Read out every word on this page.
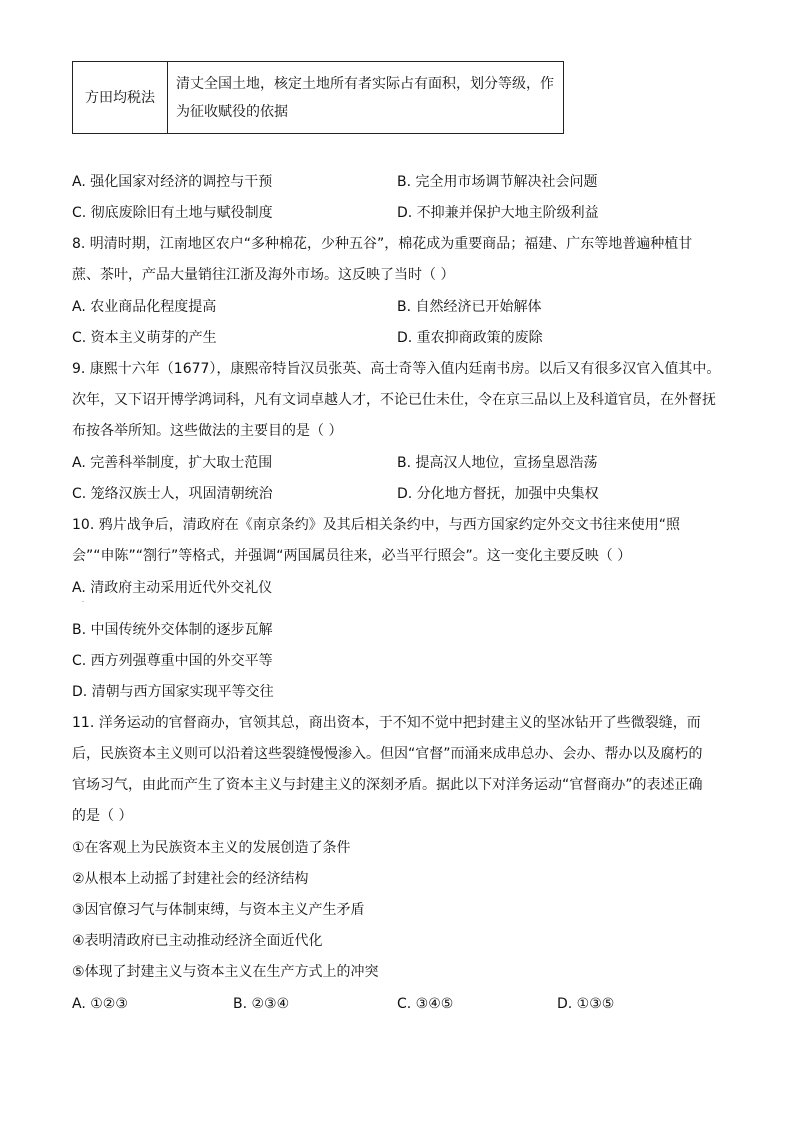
方田均税法	
清丈全国土地，核定土地所有者实际占有面积，划分等级，作
为征收赋役的依据
A. 强化国家对经济的调控与干预	B. 完全用市场调节解决社会问题
C. 彻底废除旧有土地与赋役制度	D. 不抑兼并保护大地主阶级利益
8. 明清时期，江南地区农户“多种棉花，少种五谷”，棉花成为重要商品；福建、广东等地普遍种植甘
蔗、茶叶，产品大量销往江浙及海外市场。这反映了当时（ ）
A. 农业商品化程度提高	B. 自然经济已开始解体
C. 资本主义萌芽的产生	D. 重农抑商政策的废除
9. 康熙十六年（1677），康熙帝特旨汉员张英、高士奇等入值内廷南书房。以后又有很多汉官入值其中。
次年，又下诏开博学鸿词科，凡有文词卓越人才，不论已仕未仕，令在京三品以上及科道官员，在外督抚
布按各举所知。这些做法的主要目的是（ ）
A. 完善科举制度，扩大取士范围	B. 提高汉人地位，宣扬皇恩浩荡
C. 笼络汉族士人，巩固清朝统治	D. 分化地方督抚，加强中央集权
10. 鸦片战争后，清政府在《南京条约》及其后相关条约中，与西方国家约定外交文书往来使用“照
会”“申陈”“劄行”等格式，并强调“两国属员往来，必当平行照会”。这一变化主要反映（ ）
A. 清政府主动采用近代外交礼仪
·
B. 中国传统外交体制的逐步瓦解
C. 西方列强尊重中国的外交平等
D. 清朝与西方国家实现平等交往
11. 洋务运动的官督商办，官领其总，商出资本，于不知不觉中把封建主义的坚冰钻开了些微裂缝，而
后，民族资本主义则可以沿着这些裂缝慢慢渗入。但因“官督”而涌来成串总办、会办、帮办以及腐朽的
官场习气，由此而产生了资本主义与封建主义的深刻矛盾。据此以下对洋务运动“官督商办”的表述正确
的是（ ）
①在客观上为民族资本主义的发展创造了条件
②从根本上动摇了封建社会的经济结构
③因官僚习气与体制束缚，与资本主义产生矛盾
④表明清政府已主动推动经济全面近代化
⑤体现了封建主义与资本主义在生产方式上的冲突
A. ①②③	B. ②③④	C. ③④⑤	D. ①③⑤
